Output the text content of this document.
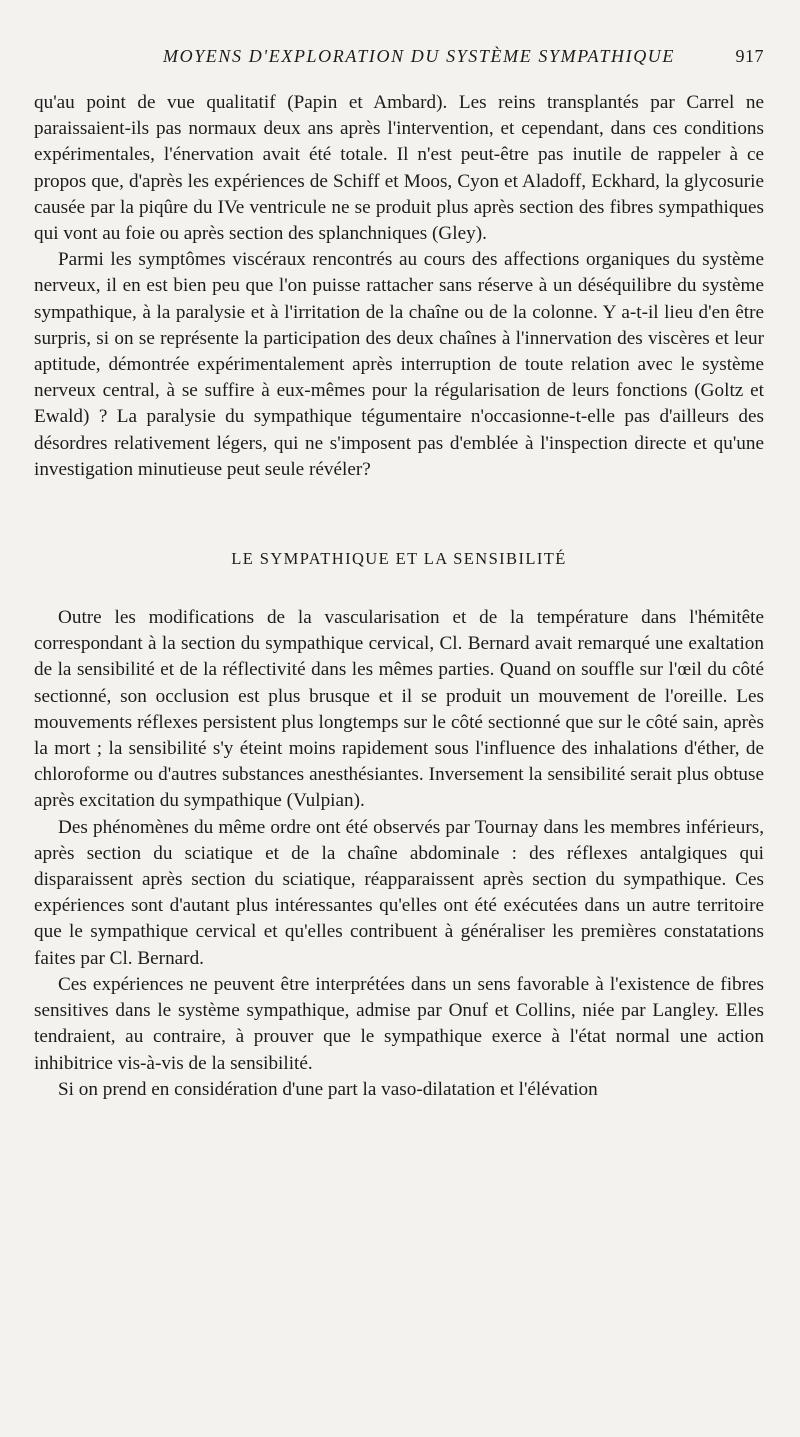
MOYENS D'EXPLORATION DU SYSTÈME SYMPATHIQUE	917

qu'au point de vue qualitatif (Papin et Ambard). Les reins transplantés par Carrel ne paraissaient-ils pas normaux deux ans après l'intervention, et cependant, dans ces conditions expérimentales, l'énervation avait été totale. Il n'est peut-être pas inutile de rappeler à ce propos que, d'après les expériences de Schiff et Moos, Cyon et Aladoff, Eckhard, la glycosurie causée par la piqûre du IVe ventricule ne se produit plus après section des fibres sympathiques qui vont au foie ou après section des splanchniques (Gley).

Parmi les symptômes viscéraux rencontrés au cours des affections organiques du système nerveux, il en est bien peu que l'on puisse rattacher sans réserve à un déséquilibre du système sympathique, à la paralysie et à l'irritation de la chaîne ou de la colonne. Y a-t-il lieu d'en être surpris, si on se représente la participation des deux chaînes à l'innervation des viscères et leur aptitude, démontrée expérimentalement après interruption de toute relation avec le système nerveux central, à se suffire à eux-mêmes pour la régularisation de leurs fonctions (Goltz et Ewald) ? La paralysie du sympathique tégumentaire n'occasionne-t-elle pas d'ailleurs des désordres relativement légers, qui ne s'imposent pas d'emblée à l'inspection directe et qu'une investigation minutieuse peut seule révéler?

LE SYMPATHIQUE ET LA SENSIBILITÉ

Outre les modifications de la vascularisation et de la température dans l'hémitête correspondant à la section du sympathique cervical, Cl. Bernard avait remarqué une exaltation de la sensibilité et de la réflectivité dans les mêmes parties. Quand on souffle sur l'œil du côté sectionné, son occlusion est plus brusque et il se produit un mouvement de l'oreille. Les mouvements réflexes persistent plus longtemps sur le côté sectionné que sur le côté sain, après la mort ; la sensibilité s'y éteint moins rapidement sous l'influence des inhalations d'éther, de chloroforme ou d'autres substances anesthésiantes. Inversement la sensibilité serait plus obtuse après excitation du sympathique (Vulpian).

Des phénomènes du même ordre ont été observés par Tournay dans les membres inférieurs, après section du sciatique et de la chaîne abdominale : des réflexes antalgiques qui disparaissent après section du sciatique, réapparaissent après section du sympathique. Ces expériences sont d'autant plus intéressantes qu'elles ont été exécutées dans un autre territoire que le sympathique cervical et qu'elles contribuent à généraliser les premières constatations faites par Cl. Bernard.

Ces expériences ne peuvent être interprétées dans un sens favorable à l'existence de fibres sensitives dans le système sympathique, admise par Onuf et Collins, niée par Langley. Elles tendraient, au contraire, à prouver que le sympathique exerce à l'état normal une action inhibitrice vis-à-vis de la sensibilité.

Si on prend en considération d'une part la vaso-dilatation et l'élévation
